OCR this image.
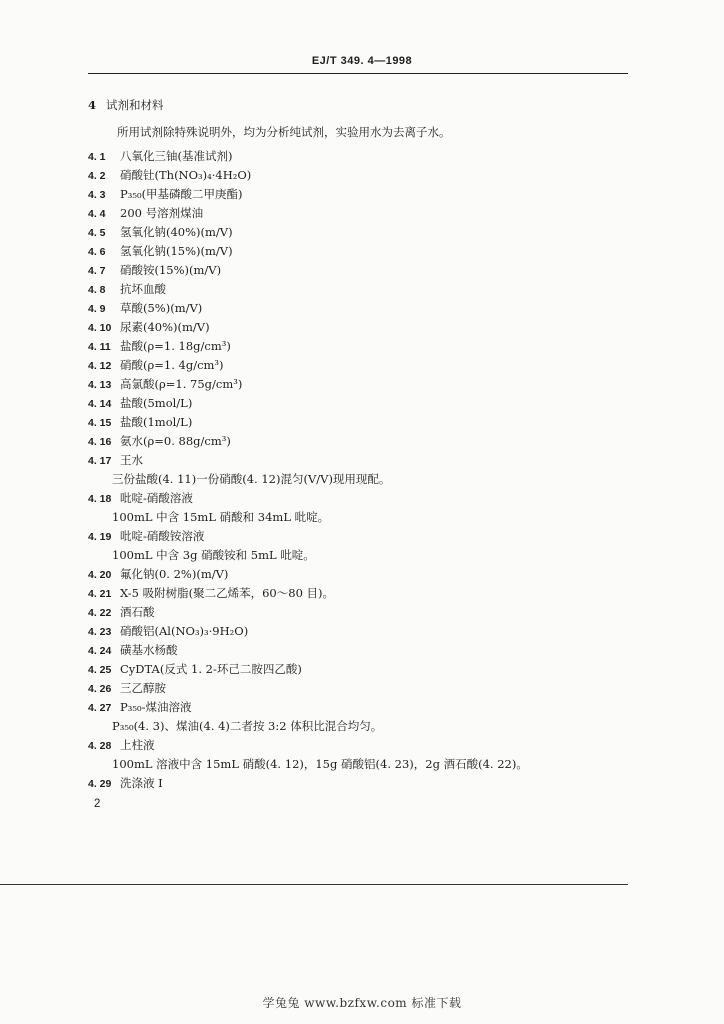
EJ/T 349. 4—1998
4 试剂和材料
所用试剂除特殊说明外，均为分析纯试剂，实验用水为去离子水。
4. 1 八氧化三铀(基准试剂)
4. 2 硝酸钍(Th(NO₃)₄·4H₂O)
4. 3 P₃₅₀(甲基磷酸二甲庚酯)
4. 4 200 号溶剂煤油
4. 5 氢氧化钠(40%)(m/V)
4. 6 氢氧化钠(15%)(m/V)
4. 7 硝酸铵(15%)(m/V)
4. 8 抗坏血酸
4. 9 草酸(5%)(m/V)
4. 10 尿素(40%)(m/V)
4. 11 盐酸(ρ=1. 18g/cm³)
4. 12 硝酸(ρ=1. 4g/cm³)
4. 13 高氯酸(ρ=1. 75g/cm³)
4. 14 盐酸(5mol/L)
4. 15 盐酸(1mol/L)
4. 16 氨水(ρ=0. 88g/cm³)
4. 17 王水
三份盐酸(4. 11)一份硝酸(4. 12)混匀(V/V)现用现配。
4. 18 吡啶-硝酸溶液
100mL 中含 15mL 硝酸和 34mL 吡啶。
4. 19 吡啶-硝酸铵溶液
100mL 中含 3g 硝酸铵和 5mL 吡啶。
4. 20 氟化钠(0. 2%)(m/V)
4. 21 X-5 吸附树脂(聚二乙烯苯，60～80 目)。
4. 22 酒石酸
4. 23 硝酸铝(Al(NO₃)₃·9H₂O)
4. 24 磺基水杨酸
4. 25 CyDTA(反式 1. 2-环己二胺四乙酸)
4. 26 三乙醇胺
4. 27 P₃₅₀-煤油溶液
P₃₅₀(4. 3)、煤油(4. 4)二者按 3:2 体积比混合均匀。
4. 28 上柱液
100mL 溶液中含 15mL 硝酸(4. 12)，15g 硝酸铝(4. 23)，2g 酒石酸(4. 22)。
4. 29 洗涤液 I
2
学兔兔 www.bzfxw.com 标准下载
